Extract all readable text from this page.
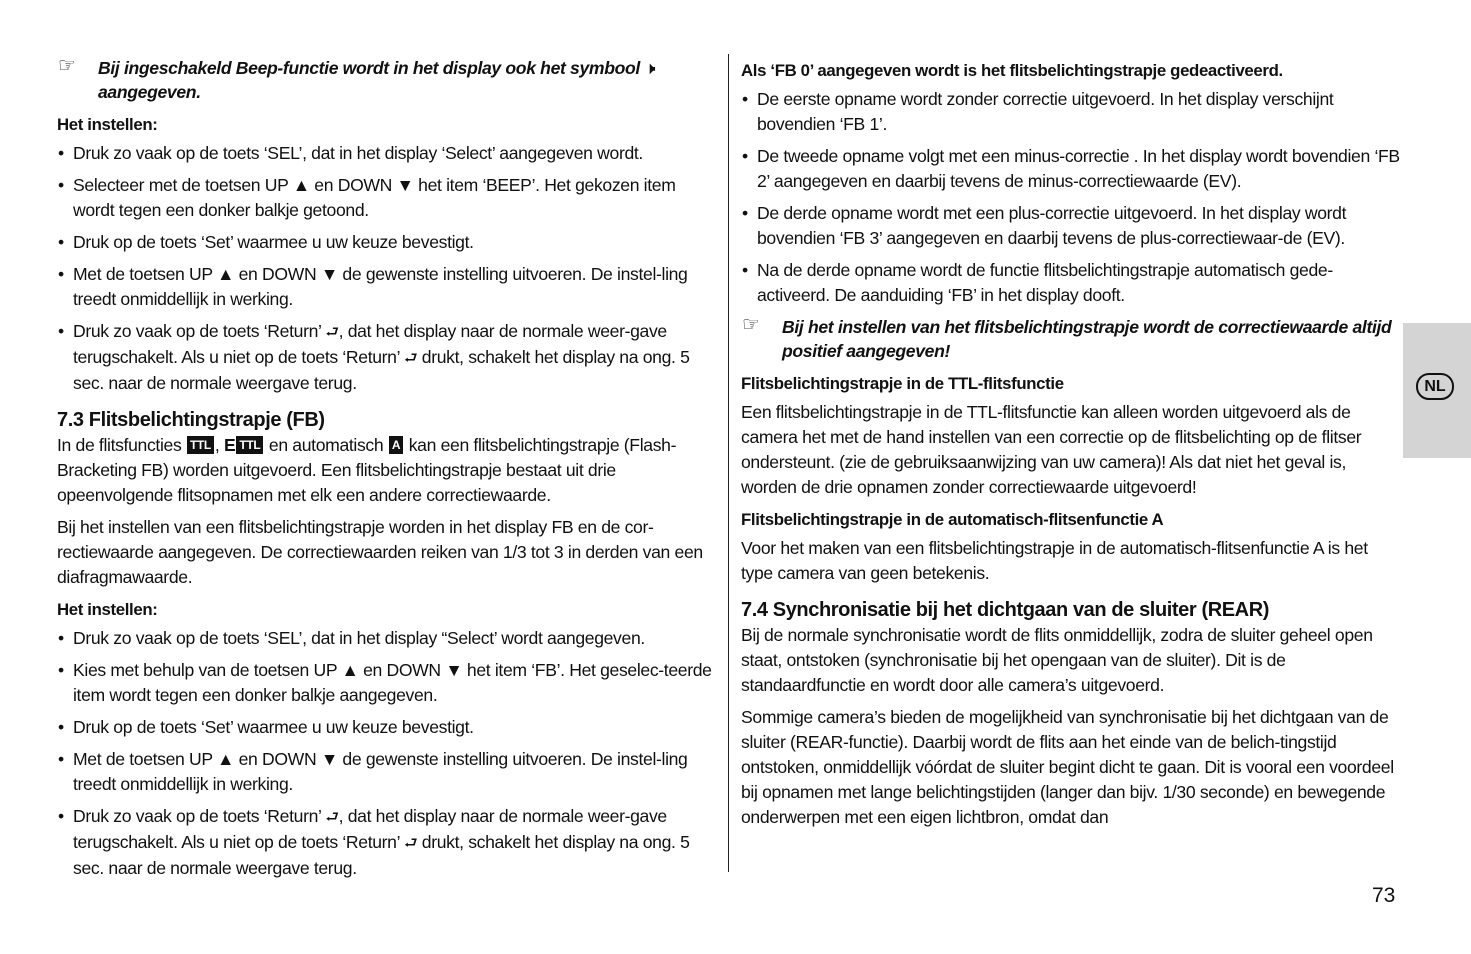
☞ Bij ingeschakeld Beep-functie wordt in het display ook het symbool 🕨 aangegeven.
Het instellen:
• Druk zo vaak op de toets ‘SEL’, dat in het display ‘Select’ aangegeven wordt.
• Selecteer met de toetsen UP ▲ en DOWN ▼ het item ‘BEEP’. Het gekozen item wordt tegen een donker balkje getoond.
• Druk op de toets ‘Set’ waarmee u uw keuze bevestigt.
• Met de toetsen UP ▲ en DOWN ▼ de gewenste instelling uitvoeren. De instel-ling treedt onmiddellijk in werking.
• Druk zo vaak op de toets ‘Return’ ⮐, dat het display naar de normale weer-gave terugschakelt. Als u niet op de toets ‘Return’ ⮐ drukt, schakelt het display na ong. 5 sec. naar de normale weergave terug.
7.3 Flitsbelichtingstrapje (FB)

In de flitsfuncties TTL , E TTL en automatisch A kan een flitsbelichtingstrapje (Flash-Bracketing FB) worden uitgevoerd. Een flitsbelichtingstrapje bestaat uit drie opeenvolgende flitsopnamen met elk een andere correctiewaarde.

Bij het instellen van een flitsbelichtingstrapje worden in het display FB en de cor-rectiewaarde aangegeven. De correctiewaarden reiken van 1/3 tot 3 in derden van een diafragmawaarde.

Het instellen:
• Druk zo vaak op de toets ‘SEL’, dat in het display “Select’ wordt aangegeven.
• Kies met behulp van de toetsen UP ▲ en DOWN ▼ het item ‘FB’. Het geselec-teerde item wordt tegen een donker balkje aangegeven.
• Druk op de toets ‘Set’ waarmee u uw keuze bevestigt.
• Met de toetsen UP ▲ en DOWN ▼ de gewenste instelling uitvoeren. De instel-ling treedt onmiddellijk in werking.
• Druk zo vaak op de toets ‘Return’ ⮐, dat het display naar de normale weer-gave terugschakelt. Als u niet op de toets ‘Return’ ⮐ drukt, schakelt het display na ong. 5 sec. naar de normale weergave terug.
Als ‘FB 0’ aangegeven wordt is het flitsbelichtingstrapje gedeactiveerd.
• De eerste opname wordt zonder correctie uitgevoerd. In het display verschijnt bovendien ‘FB 1’.
• De tweede opname volgt met een minus-correctie . In het display wordt bovendien ‘FB 2’ aangegeven en daarbij tevens de minus-correctiewaarde (EV).
• De derde opname wordt met een plus-correctie uitgevoerd. In het display wordt bovendien ‘FB 3’ aangegeven en daarbij tevens de plus-correctiewaar-de (EV).
• Na de derde opname wordt de functie flitsbelichtingstrapje automatisch gede-activeerd. De aanduiding ‘FB’ in het display dooft.
☞ Bij het instellen van het flitsbelichtingstrapje wordt de correctiewaarde altijd positief aangegeven!
Flitsbelichtingstrapje in de TTL-flitsfunctie

Een flitsbelichtingstrapje in de TTL-flitsfunctie kan alleen worden uitgevoerd als de camera het met de hand instellen van een correctie op de flitsbelichting op de flitser ondersteunt. (zie de gebruiksaanwijzing van uw camera)! Als dat niet het geval is, worden de drie opnamen zonder correctiewaarde uitgevoerd!

Flitsbelichtingstrapje in de automatisch-flitsenfunctie A

Voor het maken van een flitsbelichtingstrapje in de automatisch-flitsenfunctie A is het type camera van geen betekenis.

7.4 Synchronisatie bij het dichtgaan van de sluiter (REAR)

Bij de normale synchronisatie wordt de flits onmiddellijk, zodra de sluiter geheel open staat, ontstoken (synchronisatie bij het opengaan van de sluiter). Dit is de standaardfunctie en wordt door alle camera’s uitgevoerd.

Sommige camera’s bieden de mogelijkheid van synchronisatie bij het dichtgaan van de sluiter (REAR-functie). Daarbij wordt de flits aan het einde van de belich-tingstijd ontstoken, onmiddellijk vóórdat de sluiter begint dicht te gaan. Dit is vooral een voordeel bij opnamen met lange belichtingstijden (langer dan bijv. 1/30 seconde) en bewegende onderwerpen met een eigen lichtbron, omdat dan

NL
73
